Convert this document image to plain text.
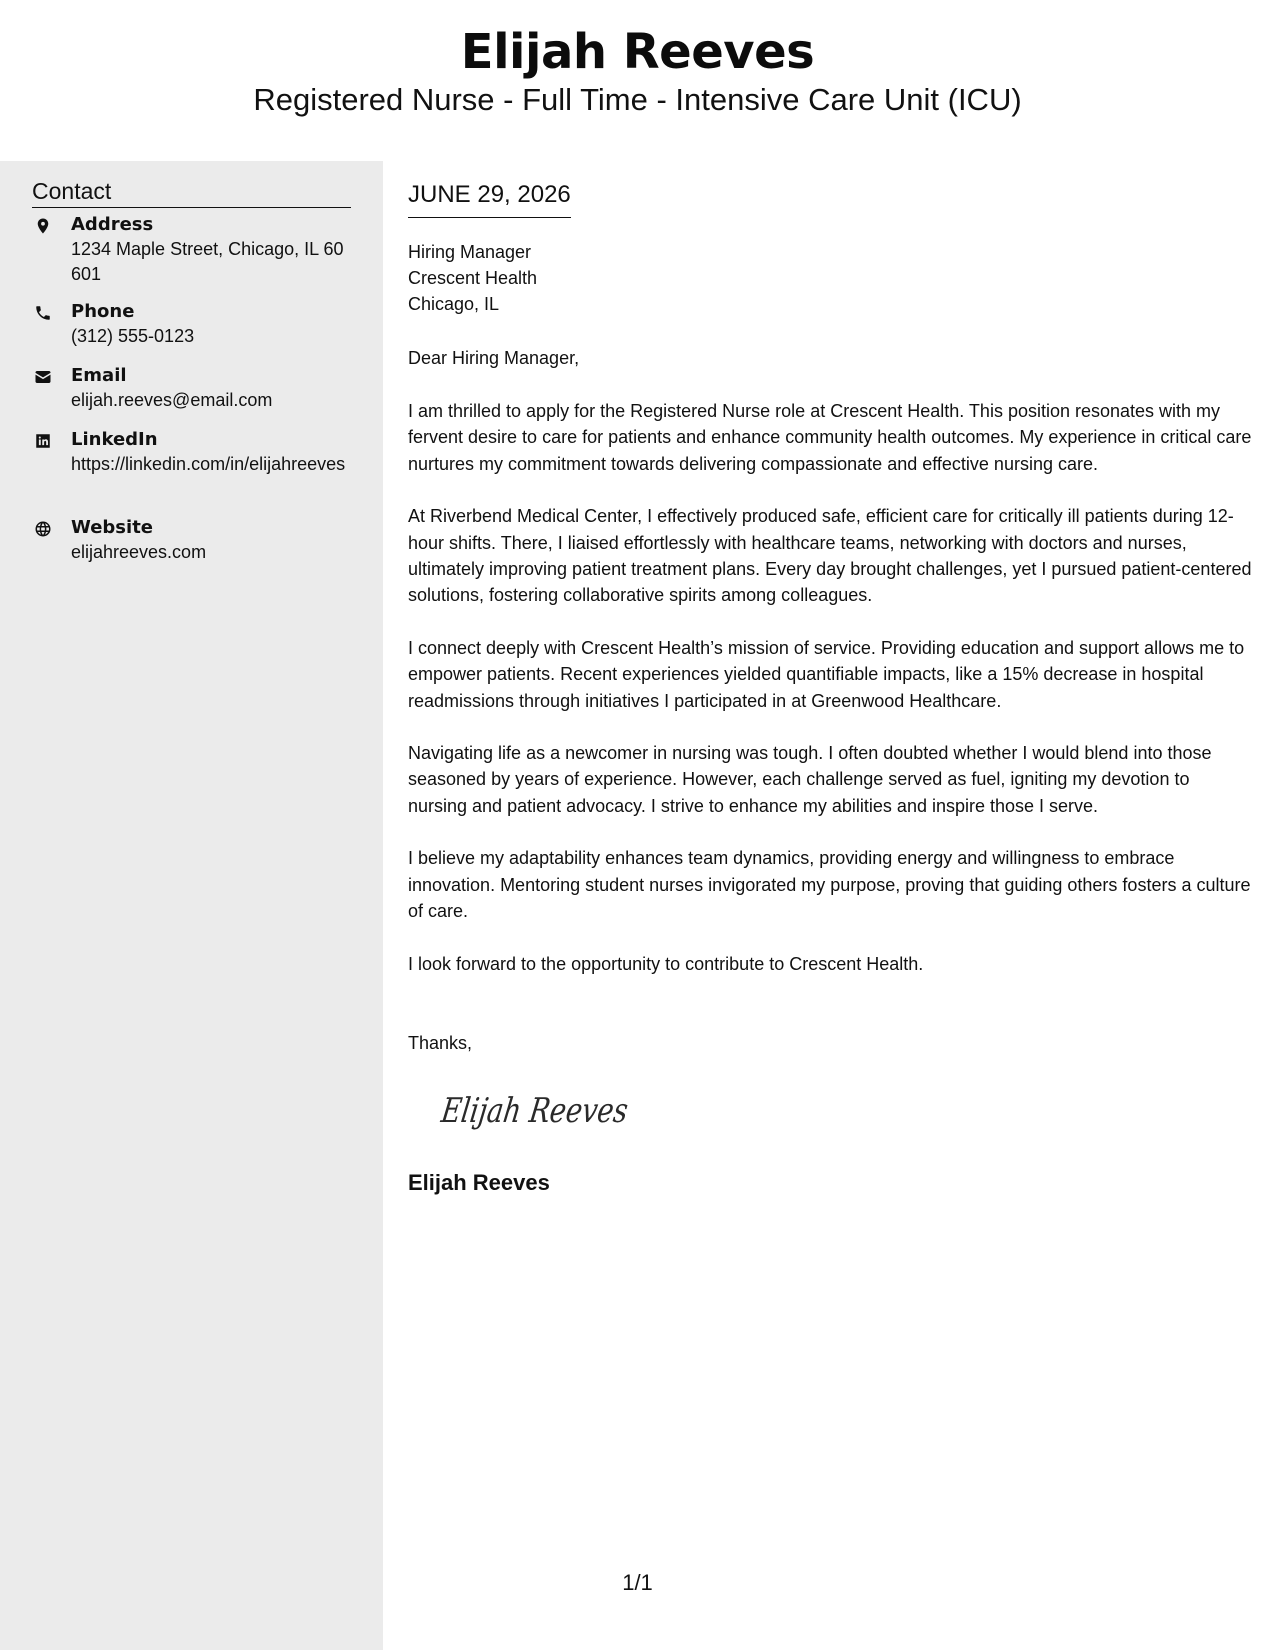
Elijah Reeves
Registered Nurse - Full Time - Intensive Care Unit (ICU)
Contact
Address
1234 Maple Street, Chicago, IL 60601
Phone
(312) 555-0123
Email
elijah.reeves@email.com
LinkedIn
https://linkedin.com/in/elijahreeves
Website
elijahreeves.com
JUNE 29, 2026
Hiring Manager
Crescent Health
Chicago, IL
Dear Hiring Manager,

I am thrilled to apply for the Registered Nurse role at Crescent Health. This position resonates with my fervent desire to care for patients and enhance community health outcomes. My experience in critical care nurtures my commitment towards delivering compassionate and effective nursing care.

At Riverbend Medical Center, I effectively produced safe, efficient care for critically ill patients during 12-hour shifts. There, I liaised effortlessly with healthcare teams, networking with doctors and nurses, ultimately improving patient treatment plans. Every day brought challenges, yet I pursued patient-centered solutions, fostering collaborative spirits among colleagues.

I connect deeply with Crescent Health’s mission of service. Providing education and support allows me to empower patients. Recent experiences yielded quantifiable impacts, like a 15% decrease in hospital readmissions through initiatives I participated in at Greenwood Healthcare.

Navigating life as a newcomer in nursing was tough. I often doubted whether I would blend into those seasoned by years of experience. However, each challenge served as fuel, igniting my devotion to nursing and patient advocacy. I strive to enhance my abilities and inspire those I serve.

I believe my adaptability enhances team dynamics, providing energy and willingness to embrace innovation. Mentoring student nurses invigorated my purpose, proving that guiding others fosters a culture of care.

I look forward to the opportunity to contribute to Crescent Health.

Thanks,
Elijah Reeves
Elijah Reeves
1/1
